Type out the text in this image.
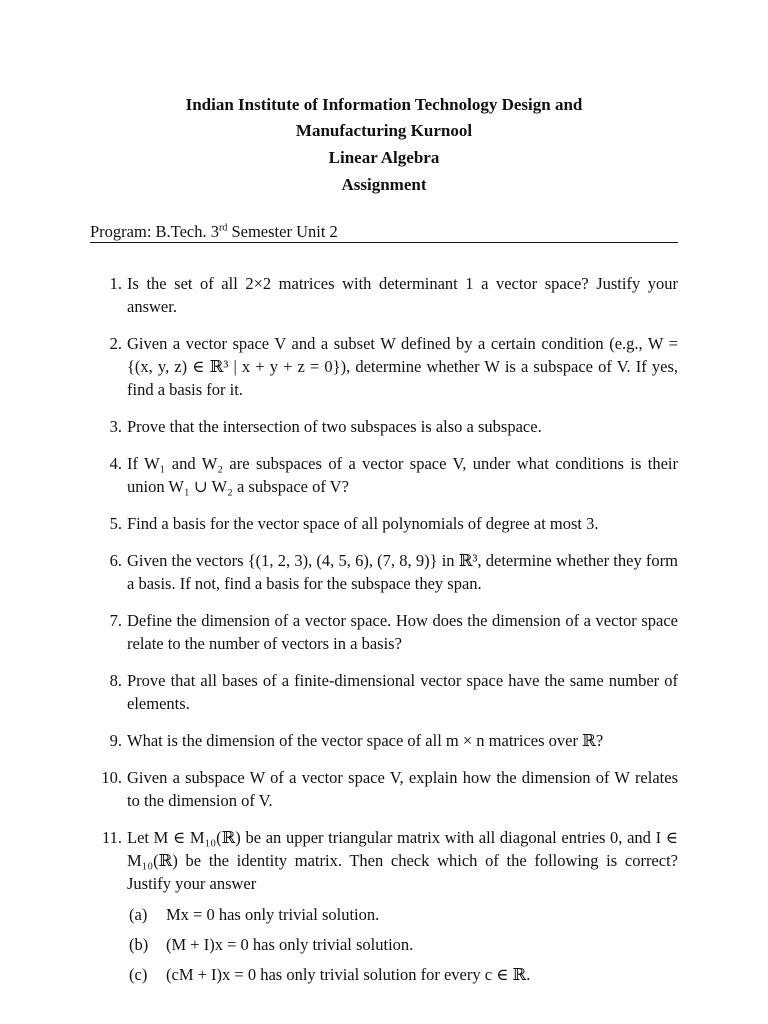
Indian Institute of Information Technology Design and
Manufacturing Kurnool
Linear Algebra
Assignment
Program: B.Tech. 3rd Semester Unit 2
1. Is the set of all 2×2 matrices with determinant 1 a vector space? Justify your answer.
2. Given a vector space V and a subset W defined by a certain condition (e.g., W = {(x, y, z) ∈ ℝ³ | x + y + z = 0}), determine whether W is a subspace of V. If yes, find a basis for it.
3. Prove that the intersection of two subspaces is also a subspace.
4. If W₁ and W₂ are subspaces of a vector space V, under what conditions is their union W₁ ∪ W₂ a subspace of V?
5. Find a basis for the vector space of all polynomials of degree at most 3.
6. Given the vectors {(1, 2, 3), (4, 5, 6), (7, 8, 9)} in ℝ³, determine whether they form a basis. If not, find a basis for the subspace they span.
7. Define the dimension of a vector space. How does the dimension of a vector space relate to the number of vectors in a basis?
8. Prove that all bases of a finite-dimensional vector space have the same number of elements.
9. What is the dimension of the vector space of all m × n matrices over ℝ?
10. Given a subspace W of a vector space V, explain how the dimension of W relates to the dimension of V.
11. Let M ∈ M₁₀(ℝ) be an upper triangular matrix with all diagonal entries 0, and I ∈ M₁₀(ℝ) be the identity matrix. Then check which of the following is correct? Justify your answer
(a) Mx = 0 has only trivial solution.
(b) (M + I)x = 0 has only trivial solution.
(c) (cM + I)x = 0 has only trivial solution for every c ∈ ℝ.
